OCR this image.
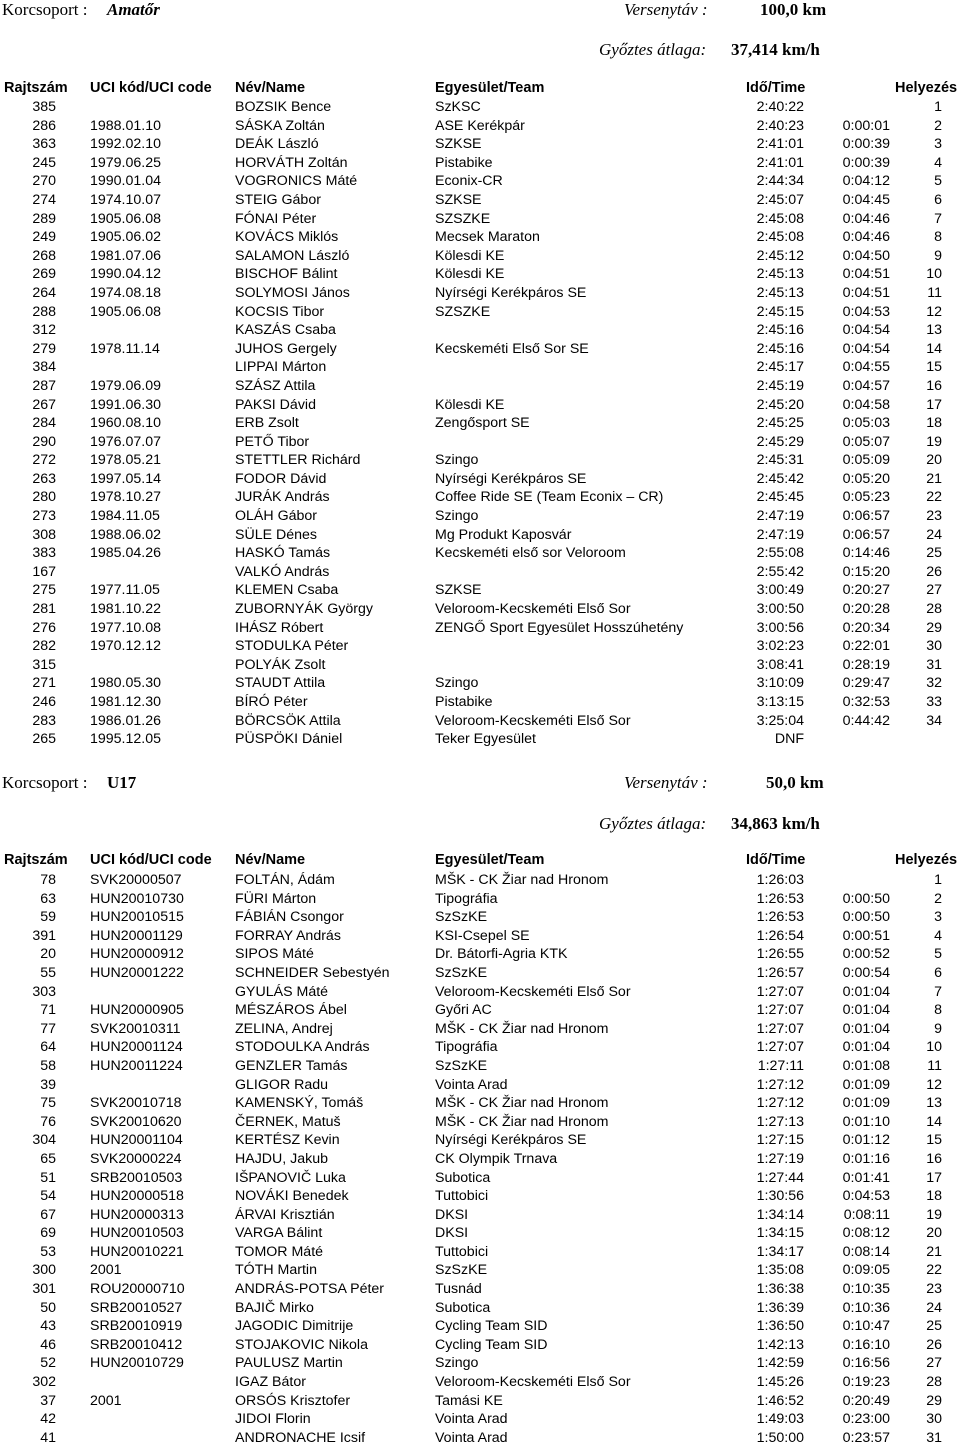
Korcsoport : Amatőr	Versenytáv :	100,0 km
Győztes átlaga: 37,414 km/h
Rajtszám UCI kód/UCI code Név/Name	Egyesület/Team	Idő/Time	Helyezés
385	BOZSIK Bence	SzKSC	2:40:22	1
286 1988.01.10	SÁSKA Zoltán	ASE Kerékpár	2:40:23	0:00:01	2
363 1992.02.10	DEÁK László	SZKSE	2:41:01	0:00:39	3
245 1979.06.25	HORVÁTH Zoltán	Pistabike	2:41:01	0:00:39	4
270 1990.01.04	VOGRONICS Máté	Econix-CR	2:44:34	0:04:12	5
274 1974.10.07	STEIG Gábor	SZKSE	2:45:07	0:04:45	6
289 1905.06.08	FÓNAI Péter	SZSZKE	2:45:08	0:04:46	7
249 1905.06.02	KOVÁCS Miklós	Mecsek Maraton	2:45:08	0:04:46	8
268 1981.07.06	SALAMON László	Kölesdi KE	2:45:12	0:04:50	9
269 1990.04.12	BISCHOF Bálint	Kölesdi KE	2:45:13	0:04:51	10
264 1974.08.18	SOLYMOSI János	Nyírségi Kerékpáros SE	2:45:13	0:04:51	11
288 1905.06.08	KOCSIS Tibor	SZSZKE	2:45:15	0:04:53	12
312	KASZÁS Csaba	2:45:16	0:04:54	13
279 1978.11.14	JUHOS Gergely	Kecskeméti Első Sor SE	2:45:16	0:04:54	14
384	LIPPAI Márton	2:45:17	0:04:55	15
287 1979.06.09	SZÁSZ Attila	2:45:19	0:04:57	16
267 1991.06.30	PAKSI Dávid	Kölesdi KE	2:45:20	0:04:58	17
284 1960.08.10	ERB Zsolt	Zengősport SE	2:45:25	0:05:03	18
290 1976.07.07	PETŐ Tibor	2:45:29	0:05:07	19
272 1978.05.21	STETTLER Richárd	Szingo	2:45:31	0:05:09	20
263 1997.05.14	FODOR Dávid	Nyírségi Kerékpáros SE	2:45:42	0:05:20	21
280 1978.10.27	JURÁK András	Coffee Ride SE (Team Econix – CR)	2:45:45	0:05:23	22
273 1984.11.05	OLÁH Gábor	Szingo	2:47:19	0:06:57	23
308 1988.06.02	SÜLE Dénes	Mg Produkt Kaposvár	2:47:19	0:06:57	24
383 1985.04.26	HASKÓ Tamás	Kecskeméti első sor Veloroom	2:55:08	0:14:46	25
167	VALKÓ András	2:55:42	0:15:20	26
275 1977.11.05	KLEMEN Csaba	SZKSE	3:00:49	0:20:27	27
281 1981.10.22	ZUBORNYÁK György	Veloroom-Kecskeméti Első Sor	3:00:50	0:20:28	28
276 1977.10.08	IHÁSZ Róbert	ZENGŐ Sport Egyesület Hosszúhetény	3:00:56	0:20:34	29
282 1970.12.12	STODULKA Péter	3:02:23	0:22:01	30
315	POLYÁK Zsolt	3:08:41	0:28:19	31
271 1980.05.30	STAUDT Attila	Szingo	3:10:09	0:29:47	32
246 1981.12.30	BÍRÓ Péter	Pistabike	3:13:15	0:32:53	33
283 1986.01.26	BÖRCSÖK Attila	Veloroom-Kecskeméti Első Sor	3:25:04	0:44:42	34
265 1995.12.05	PÜSPÖKI Dániel	Teker Egyesület	DNF
Korcsoport : U17	Versenytáv :	50,0 km
Győztes átlaga: 34,863 km/h
Rajtszám UCI kód/UCI code Név/Name	Egyesület/Team	Idő/Time	Helyezés
78 SVK20000507	FOLTÁN, Ádám	MŠK - CK Žiar nad Hronom	1:26:03	1
63 HUN20010730	FÜRI Márton	Tipográfia	1:26:53	0:00:50	2
59 HUN20010515	FÁBIÁN Csongor	SzSzKE	1:26:53	0:00:50	3
391 HUN20001129	FORRAY András	KSI-Csepel SE	1:26:54	0:00:51	4
20 HUN20000912	SIPOS Máté	Dr. Bátorfi-Agria KTK	1:26:55	0:00:52	5
55 HUN20001222	SCHNEIDER Sebestyén	SzSzKE	1:26:57	0:00:54	6
303	GYULÁS Máté	Veloroom-Kecskeméti Első Sor	1:27:07	0:01:04	7
71 HUN20000905	MÉSZÁROS Ábel	Győri AC	1:27:07	0:01:04	8
77 SVK20010311	ZELINA, Andrej	MŠK - CK Žiar nad Hronom	1:27:07	0:01:04	9
64 HUN20001124	STODOULKA András	Tipográfia	1:27:07	0:01:04	10
58 HUN20011224	GENZLER Tamás	SzSzKE	1:27:11	0:01:08	11
39	GLIGOR Radu	Vointa Arad	1:27:12	0:01:09	12
75 SVK20010718	KAMENSKÝ, Tomáš	MŠK - CK Žiar nad Hronom	1:27:12	0:01:09	13
76 SVK20010620	ČERNEK, Matuš	MŠK - CK Žiar nad Hronom	1:27:13	0:01:10	14
304 HUN20001104	KERTÉSZ Kevin	Nyírségi Kerékpáros SE	1:27:15	0:01:12	15
65 SVK20000224	HAJDU, Jakub	CK Olympik Trnava	1:27:19	0:01:16	16
51 SRB20010503	IŠPANOVIČ Luka	Subotica	1:27:44	0:01:41	17
54 HUN20000518	NOVÁKI Benedek	Tuttobici	1:30:56	0:04:53	18
67 HUN20000313	ÁRVAI Krisztián	DKSI	1:34:14	0:08:11	19
69 HUN20010503	VARGA Bálint	DKSI	1:34:15	0:08:12	20
53 HUN20010221	TOMOR Máté	Tuttobici	1:34:17	0:08:14	21
300 2001	TÓTH Martin	SzSzKE	1:35:08	0:09:05	22
301 ROU20000710	ANDRÁS-POTSA Péter	Tusnád	1:36:38	0:10:35	23
50 SRB20010527	BAJIČ Mirko	Subotica	1:36:39	0:10:36	24
43 SRB20010919	JAGODIC Dimitrije	Cycling Team SID	1:36:50	0:10:47	25
46 SRB20010412	STOJAKOVIC Nikola	Cycling Team SID	1:42:13	0:16:10	26
52 HUN20010729	PAULUSZ Martin	Szingo	1:42:59	0:16:56	27
302	IGAZ Bátor	Veloroom-Kecskeméti Első Sor	1:45:26	0:19:23	28
37 2001	ORSÓS Krisztofer	Tamási KE	1:46:52	0:20:49	29
42	JIDOI Florin	Vointa Arad	1:49:03	0:23:00	30
41	ANDRONACHE Icsif	Vointa Arad	1:50:00	0:23:57	31
